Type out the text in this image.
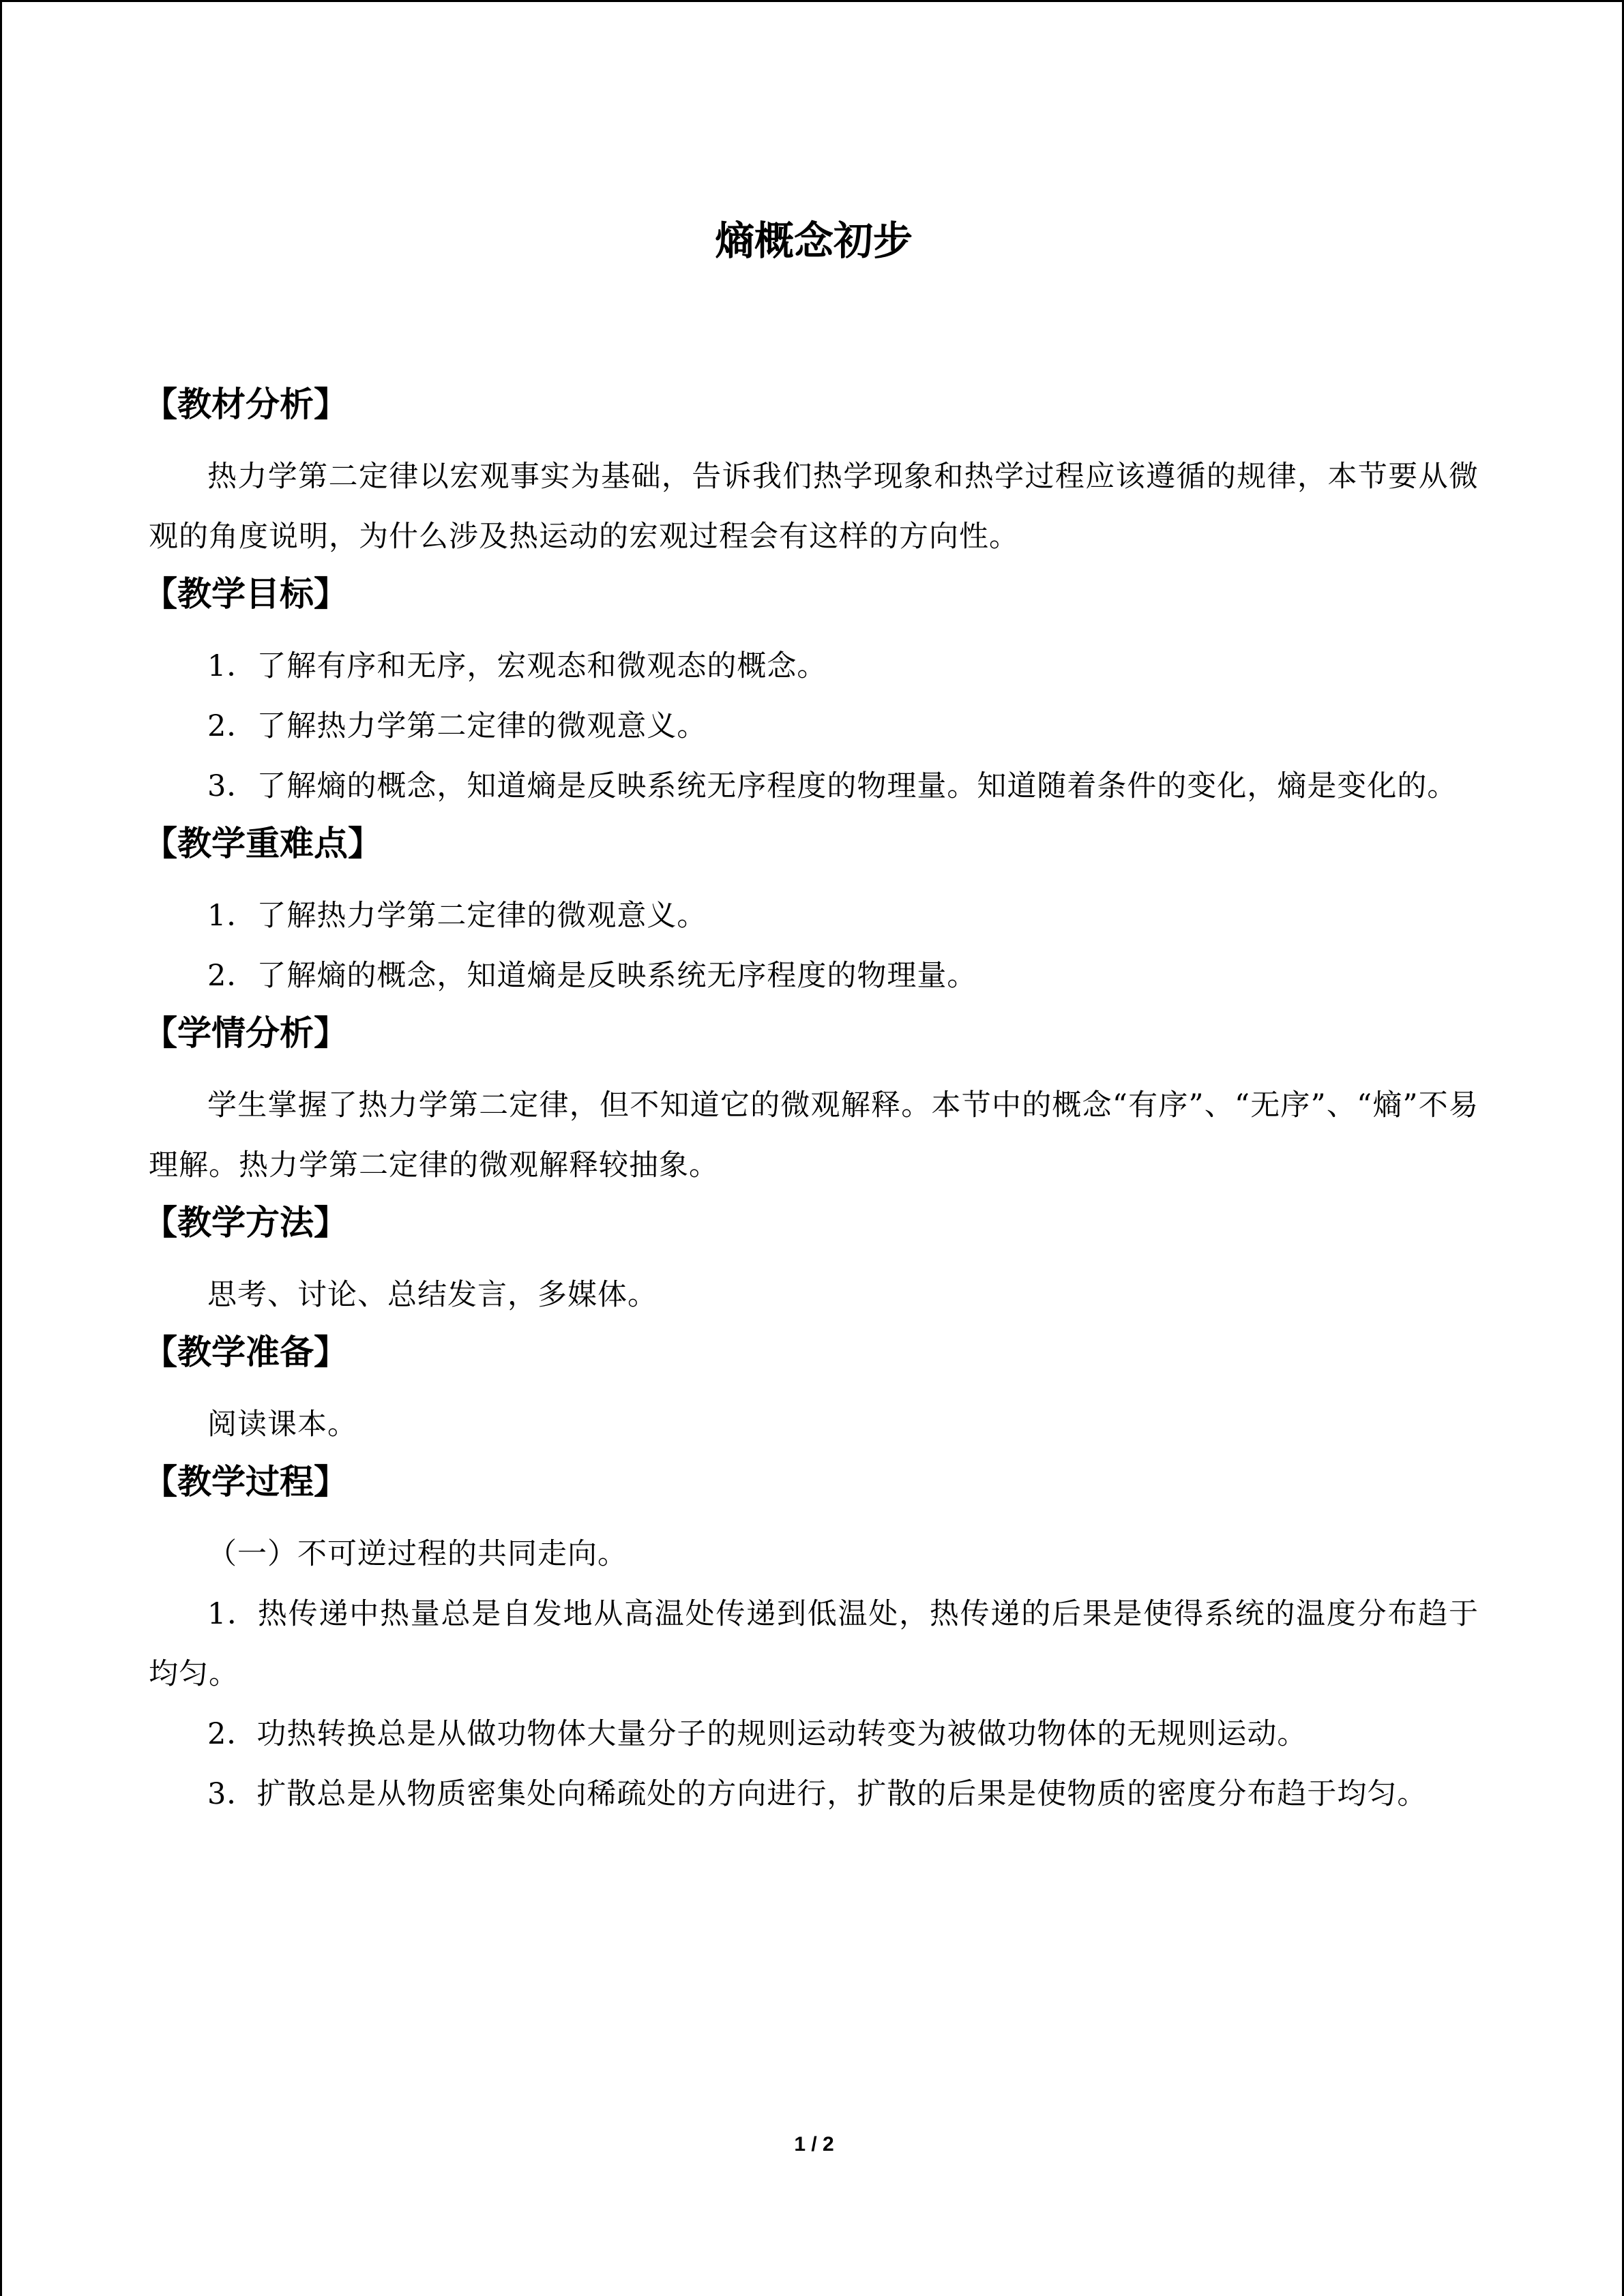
熵概念初步
【教材分析】

热力学第二定律以宏观事实为基础，告诉我们热学现象和热学过程应该遵循的规律，本节要从微观的角度说明，为什么涉及热运动的宏观过程会有这样的方向性。

【教学目标】

1．了解有序和无序，宏观态和微观态的概念。

2．了解热力学第二定律的微观意义。

3．了解熵的概念，知道熵是反映系统无序程度的物理量。知道随着条件的变化，熵是变化的。

【教学重难点】

1．了解热力学第二定律的微观意义。

2．了解熵的概念，知道熵是反映系统无序程度的物理量。

【学情分析】

学生掌握了热力学第二定律，但不知道它的微观解释。本节中的概念“有序”、“无序”、“熵”不易理解。热力学第二定律的微观解释较抽象。

【教学方法】

思考、讨论、总结发言，多媒体。

【教学准备】

阅读课本。

【教学过程】

（一）不可逆过程的共同走向。

1．热传递中热量总是自发地从高温处传递到低温处，热传递的后果是使得系统的温度分布趋于均匀。

2．功热转换总是从做功物体大量分子的规则运动转变为被做功物体的无规则运动。

3．扩散总是从物质密集处向稀疏处的方向进行，扩散的后果是使物质的密度分布趋于均匀。

1 / 2
